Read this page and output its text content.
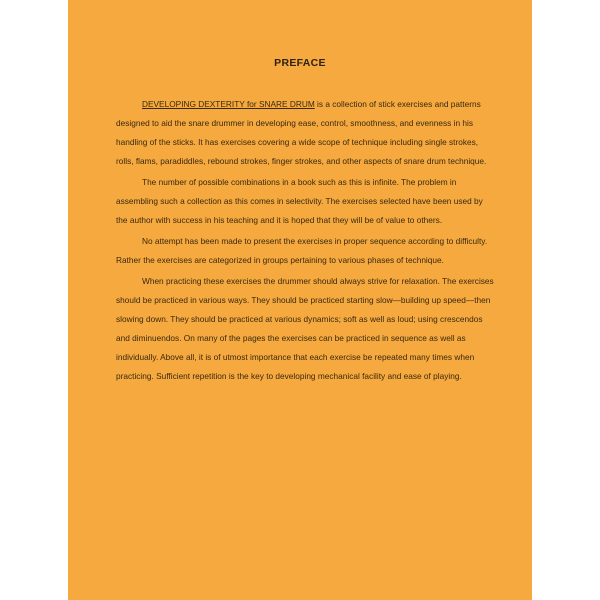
PREFACE

DEVELOPING DEXTERITY for SNARE DRUM is a collection of stick exercises and patterns designed to aid the snare drummer in developing ease, control, smoothness, and evenness in his handling of the sticks. It has exercises covering a wide scope of technique including single strokes, rolls, flams, paradiddles, rebound strokes, finger strokes, and other aspects of snare drum technique.

The number of possible combinations in a book such as this is infinite. The problem in assembling such a collection as this comes in selectivity. The exercises selected have been used by the author with success in his teaching and it is hoped that they will be of value to others.

No attempt has been made to present the exercises in proper sequence according to difficulty. Rather the exercises are categorized in groups pertaining to various phases of technique.

When practicing these exercises the drummer should always strive for relaxation. The exercises should be practiced in various ways. They should be practiced starting slow—building up speed—then slowing down. They should be practiced at various dynamics; soft as well as loud; using crescendos and diminuendos. On many of the pages the exercises can be practiced in sequence as well as individually. Above all, it is of utmost importance that each exercise be repeated many times when practicing. Sufficient repetition is the key to developing mechanical facility and ease of playing.
